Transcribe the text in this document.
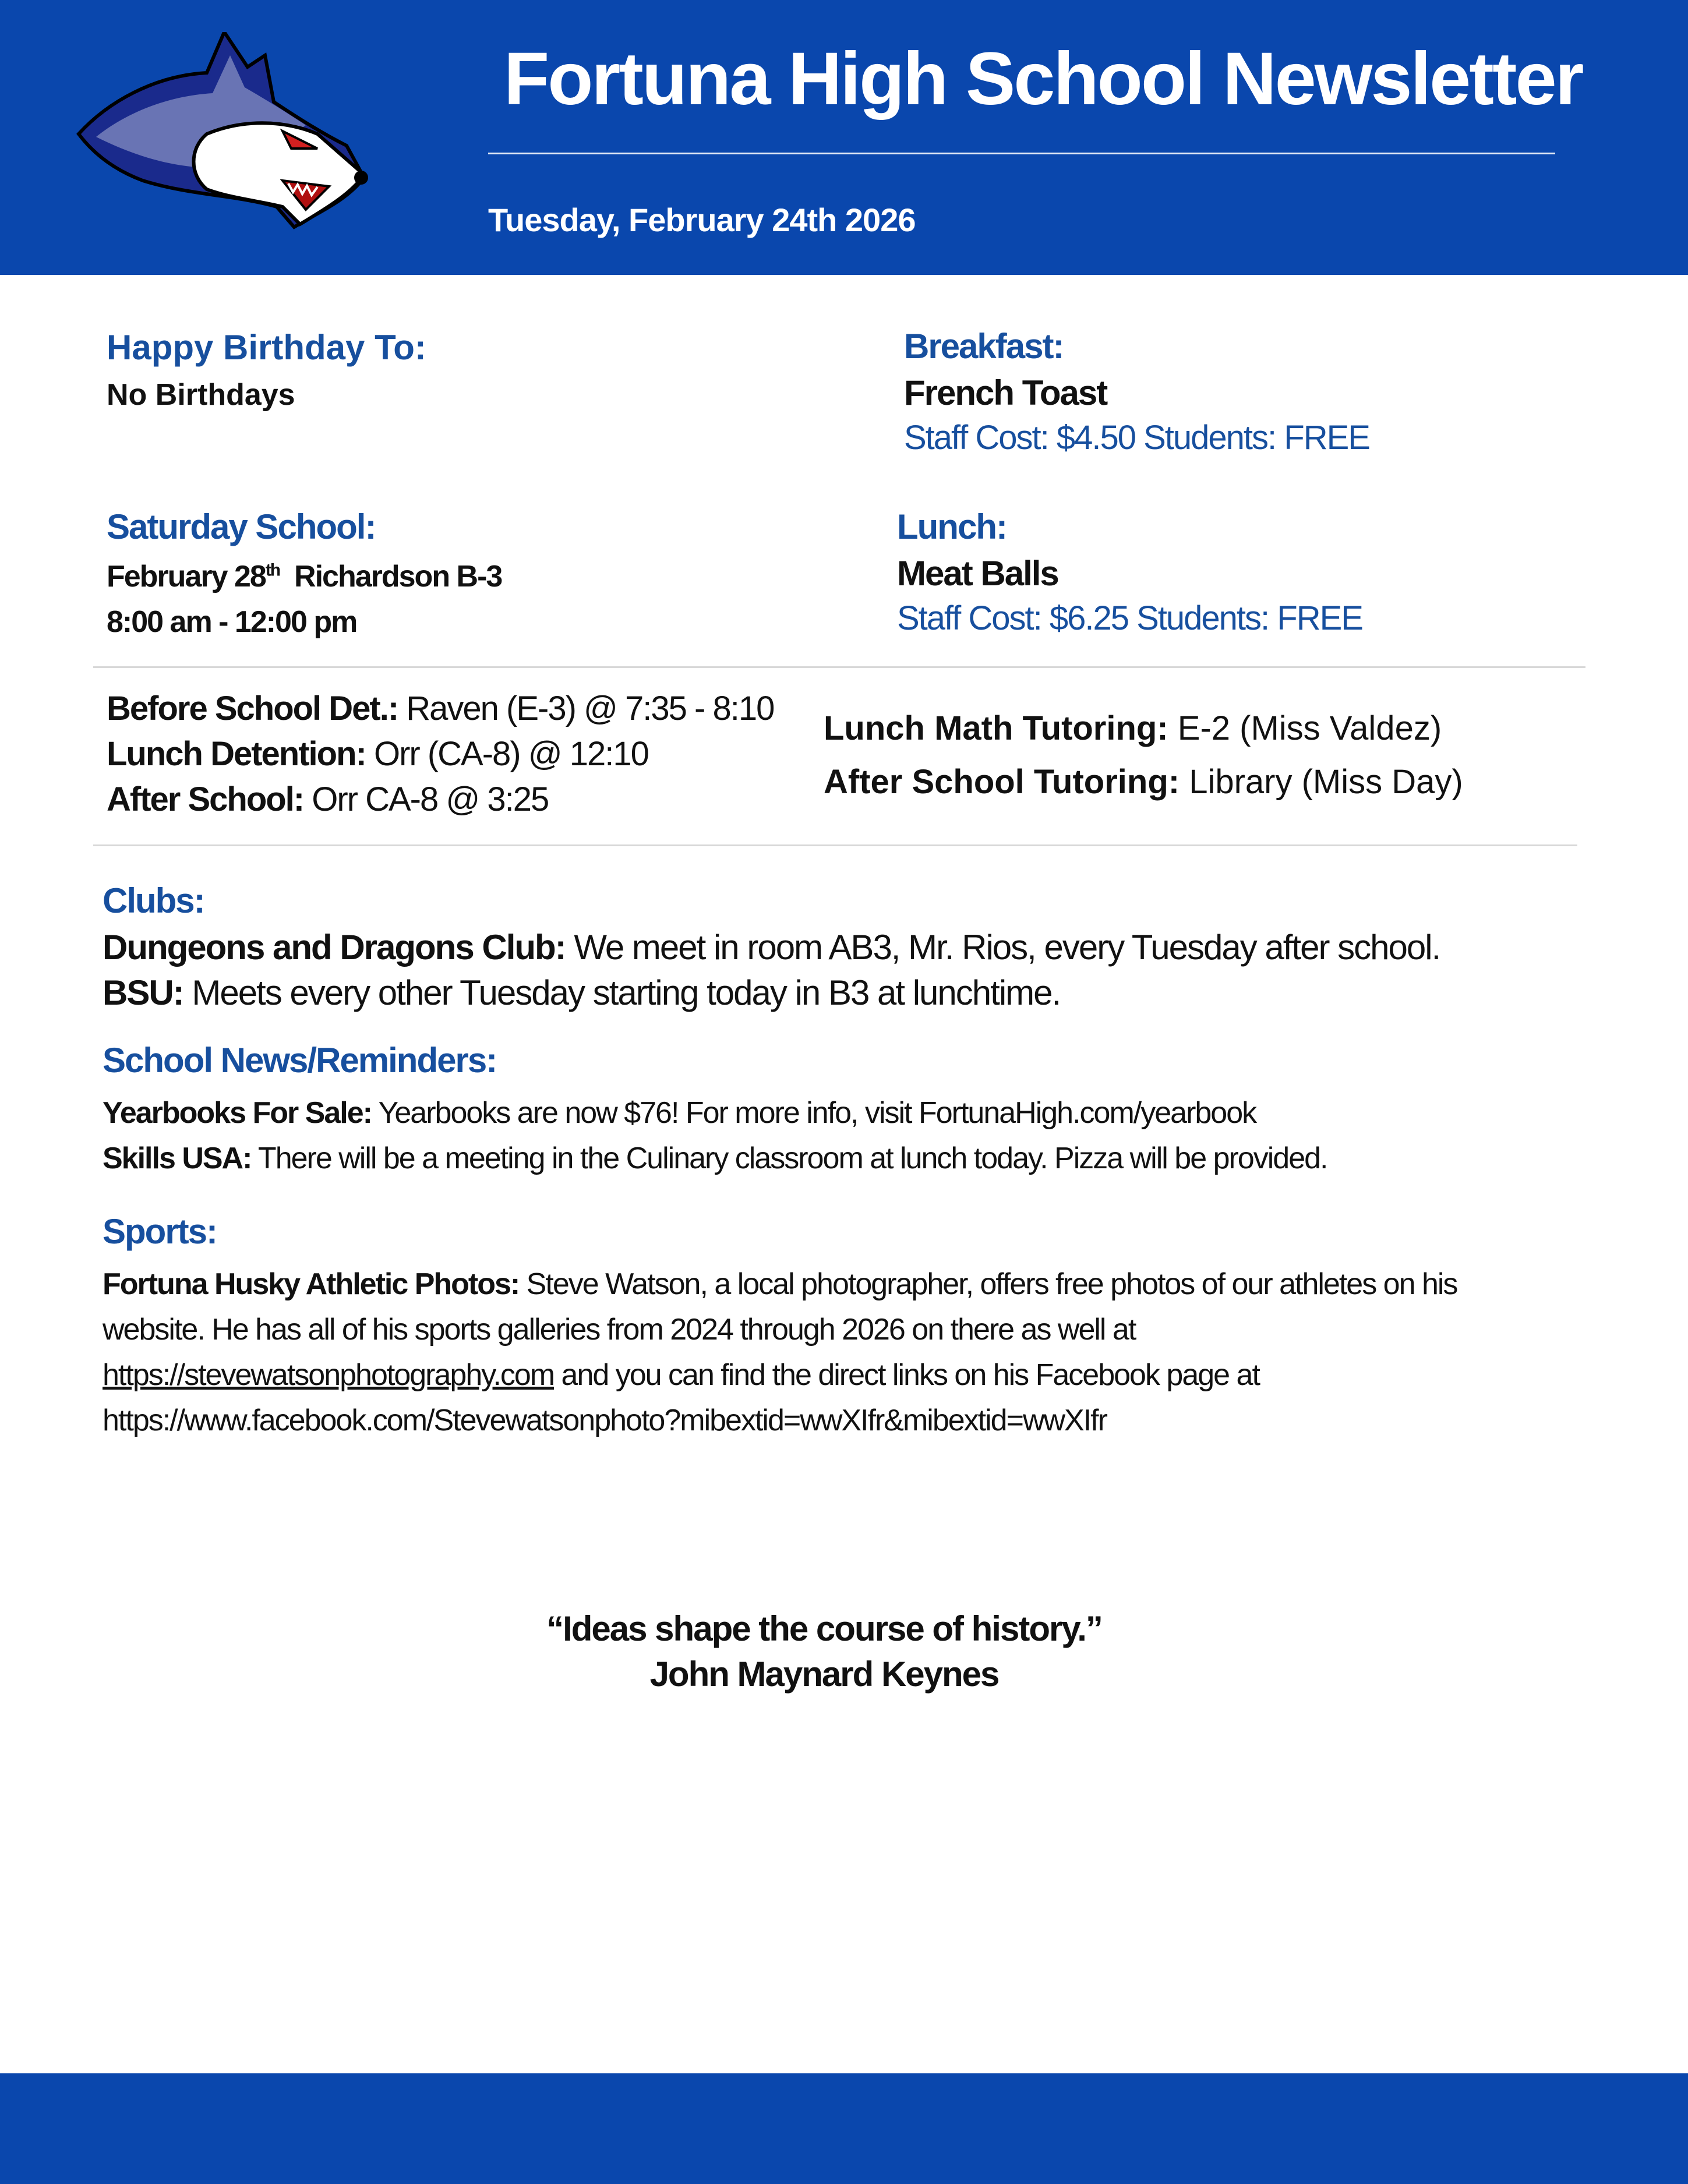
Fortuna High School Newsletter
Tuesday, February 24th 2026
Happy Birthday To:
No Birthdays
Breakfast:
French Toast
Staff Cost: $4.50 Students: FREE
Saturday School:
February 28th  Richardson B-3
8:00 am - 12:00 pm
Lunch:
Meat Balls
Staff Cost: $6.25 Students: FREE
Before School Det.: Raven (E-3) @ 7:35 - 8:10
Lunch Detention: Orr (CA-8) @ 12:10
After School: Orr CA-8 @ 3:25
Lunch Math Tutoring: E-2 (Miss Valdez)
After School Tutoring: Library (Miss Day)
Clubs:
Dungeons and Dragons Club: We meet in room AB3, Mr. Rios, every Tuesday after school.
BSU: Meets every other Tuesday starting today in B3 at lunchtime.
School News/Reminders:
Yearbooks For Sale: Yearbooks are now $76! For more info, visit FortunaHigh.com/yearbook
Skills USA: There will be a meeting in the Culinary classroom at lunch today. Pizza will be provided.
Sports:
Fortuna Husky Athletic Photos: Steve Watson, a local photographer, offers free photos of our athletes on his
website. He has all of his sports galleries from 2024 through 2026 on there as well at
https://stevewatsonphotography.com and you can find the direct links on his Facebook page at
https://www.facebook.com/Stevewatsonphoto?mibextid=wwXIfr&mibextid=wwXIfr
“Ideas shape the course of history.”
John Maynard Keynes
